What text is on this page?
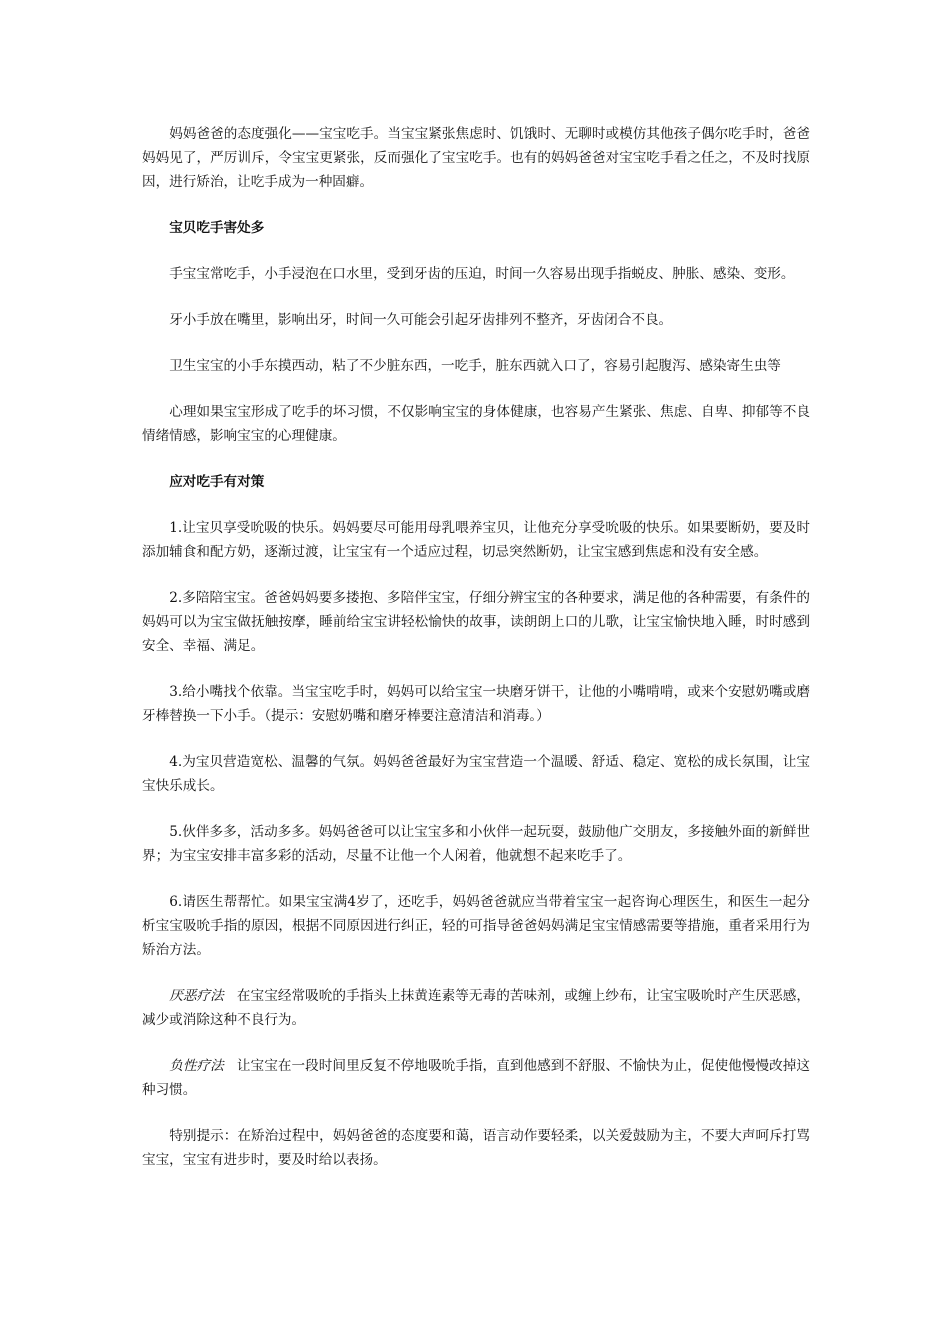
妈妈爸爸的态度强化——宝宝吃手。当宝宝紧张焦虑时、饥饿时、无聊时或模仿其他孩子偶尔吃手时，爸爸妈妈见了，严厉训斥，令宝宝更紧张，反而强化了宝宝吃手。也有的妈妈爸爸对宝宝吃手看之任之，不及时找原因，进行矫治，让吃手成为一种固癖。

宝贝吃手害处多

手宝宝常吃手，小手浸泡在口水里，受到牙齿的压迫，时间一久容易出现手指蜕皮、肿胀、感染、变形。

牙小手放在嘴里，影响出牙，时间一久可能会引起牙齿排列不整齐，牙齿闭合不良。

卫生宝宝的小手东摸西动，粘了不少脏东西，一吃手，脏东西就入口了，容易引起腹泻、感染寄生虫等

心理如果宝宝形成了吃手的坏习惯，不仅影响宝宝的身体健康，也容易产生紧张、焦虑、自卑、抑郁等不良情绪情感，影响宝宝的心理健康。

应对吃手有对策

1.让宝贝享受吮吸的快乐。妈妈要尽可能用母乳喂养宝贝，让他充分享受吮吸的快乐。如果要断奶，要及时添加辅食和配方奶，逐渐过渡，让宝宝有一个适应过程，切忌突然断奶，让宝宝感到焦虑和没有安全感。

2.多陪陪宝宝。爸爸妈妈要多搂抱、多陪伴宝宝，仔细分辨宝宝的各种要求，满足他的各种需要，有条件的妈妈可以为宝宝做抚触按摩，睡前给宝宝讲轻松愉快的故事，读朗朗上口的儿歌，让宝宝愉快地入睡，时时感到安全、幸福、满足。

3.给小嘴找个依靠。当宝宝吃手时，妈妈可以给宝宝一块磨牙饼干，让他的小嘴啃啃，或来个安慰奶嘴或磨牙棒替换一下小手。（提示：安慰奶嘴和磨牙棒要注意清洁和消毒。）

4.为宝贝营造宽松、温馨的气氛。妈妈爸爸最好为宝宝营造一个温暖、舒适、稳定、宽松的成长氛围，让宝宝快乐成长。

5.伙伴多多，活动多多。妈妈爸爸可以让宝宝多和小伙伴一起玩耍，鼓励他广交朋友，多接触外面的新鲜世界；为宝宝安排丰富多彩的活动，尽量不让他一个人闲着，他就想不起来吃手了。

6.请医生帮帮忙。如果宝宝满4岁了，还吃手，妈妈爸爸就应当带着宝宝一起咨询心理医生，和医生一起分析宝宝吸吮手指的原因，根据不同原因进行纠正，轻的可指导爸爸妈妈满足宝宝情感需要等措施，重者采用行为矫治方法。

厌恶疗法 在宝宝经常吸吮的手指头上抹黄连素等无毒的苦味剂，或缠上纱布，让宝宝吸吮时产生厌恶感，减少或消除这种不良行为。

负性疗法 让宝宝在一段时间里反复不停地吸吮手指，直到他感到不舒服、不愉快为止，促使他慢慢改掉这种习惯。

特别提示：在矫治过程中，妈妈爸爸的态度要和蔼，语言动作要轻柔，以关爱鼓励为主，不要大声呵斥打骂宝宝，宝宝有进步时，要及时给以表扬。
